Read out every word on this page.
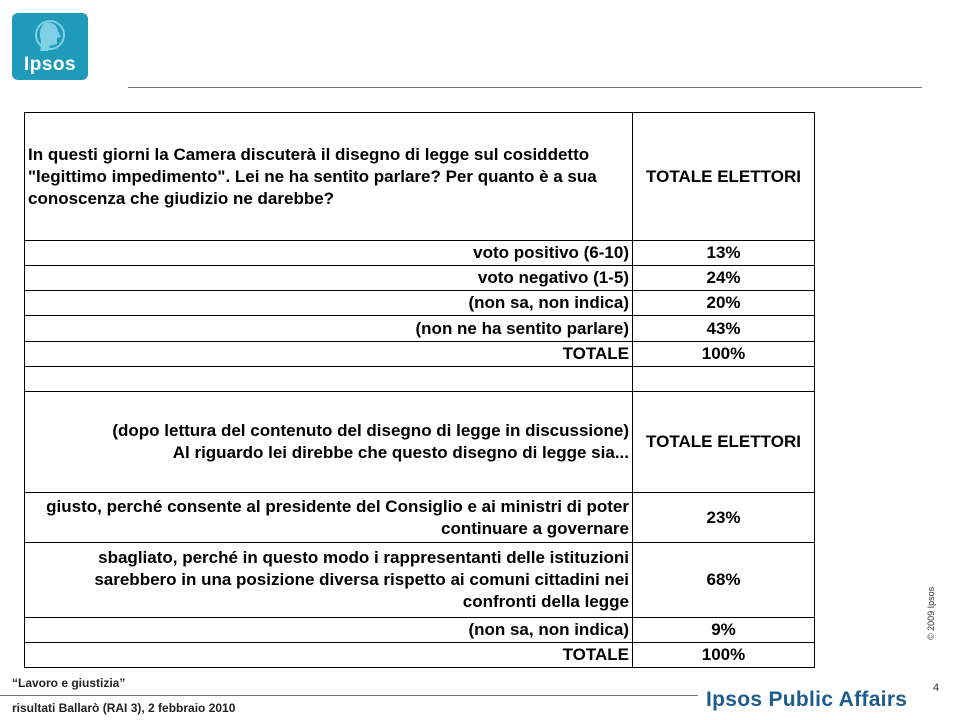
Ipsos
In questi giorni la Camera discuterà il disegno di legge sul cosiddetto "legittimo impedimento". Lei ne ha sentito parlare? Per quanto è a sua conoscenza che giudizio ne darebbe?	TOTALE ELETTORI
voto positivo (6-10)	13%
voto negativo (1-5)	24%
(non sa, non indica)	20%
(non ne ha sentito parlare)	43%
TOTALE	100%

(dopo lettura del contenuto del disegno di legge in discussione)
Al riguardo lei direbbe che questo disegno di legge sia...	TOTALE ELETTORI
giusto, perché consente al presidente del Consiglio e ai ministri di poter continuare a governare	23%
sbagliato, perché in questo modo i rappresentanti delle istituzioni sarebbero in una posizione diversa rispetto ai comuni cittadini nei confronti della legge	68%
(non sa, non indica)	9%
TOTALE	100%
© 2009 Ipsos
“Lavoro e giustizia”
risultati Ballarò (RAI 3), 2 febbraio 2010	Ipsos Public Affairs 4
